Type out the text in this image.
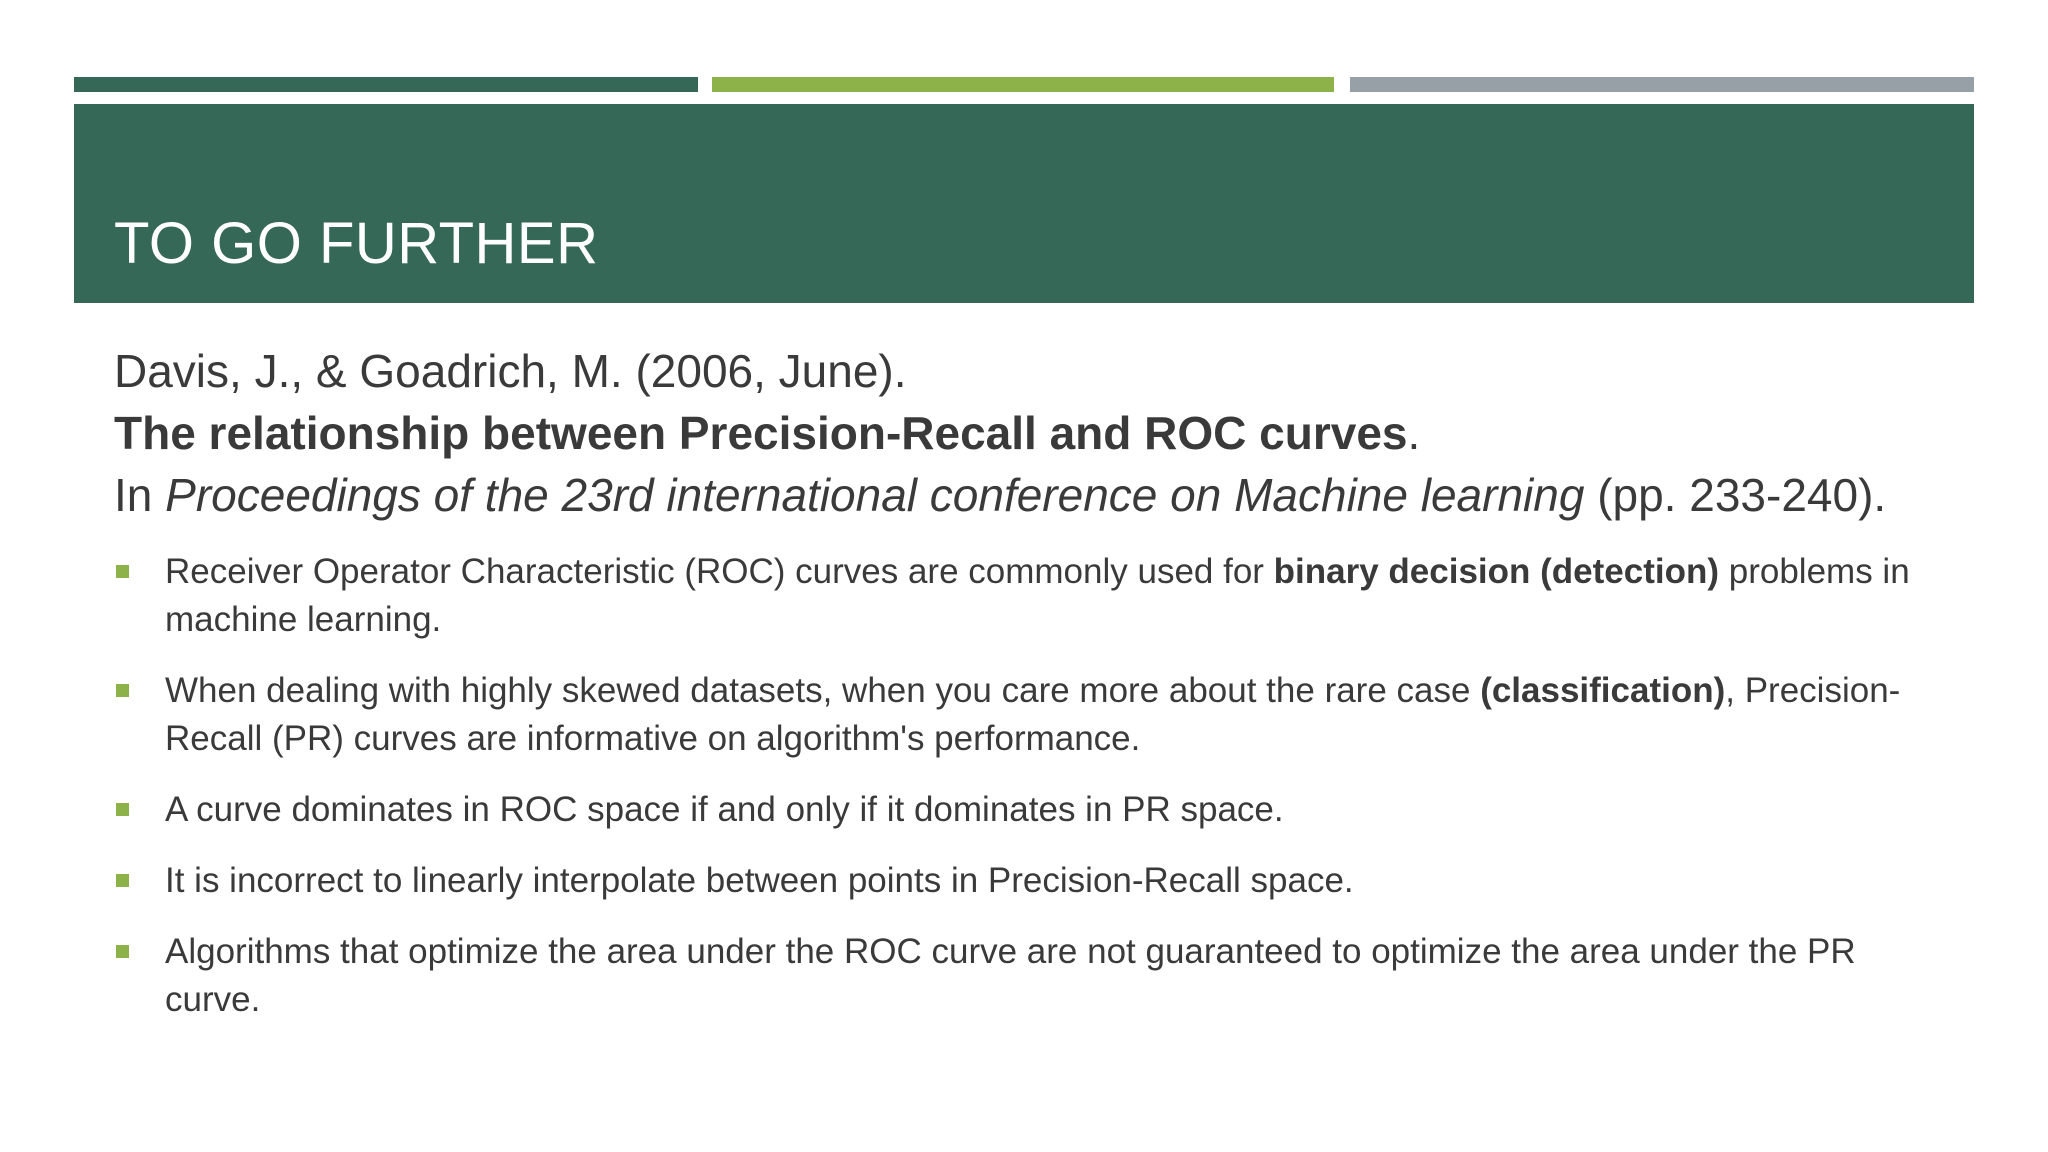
TO GO FURTHER
Davis, J., & Goadrich, M. (2006, June).
The relationship between Precision-Recall and ROC curves.
In Proceedings of the 23rd international conference on Machine learning (pp. 233-240).
Receiver Operator Characteristic (ROC) curves are commonly used for binary decision (detection) problems in machine learning.
When dealing with highly skewed datasets, when you care more about the rare case (classification), Precision-Recall (PR) curves are informative on algorithm's performance.
A curve dominates in ROC space if and only if it dominates in PR space.
It is incorrect to linearly interpolate between points in Precision-Recall space.
Algorithms that optimize the area under the ROC curve are not guaranteed to optimize the area under the PR curve.
